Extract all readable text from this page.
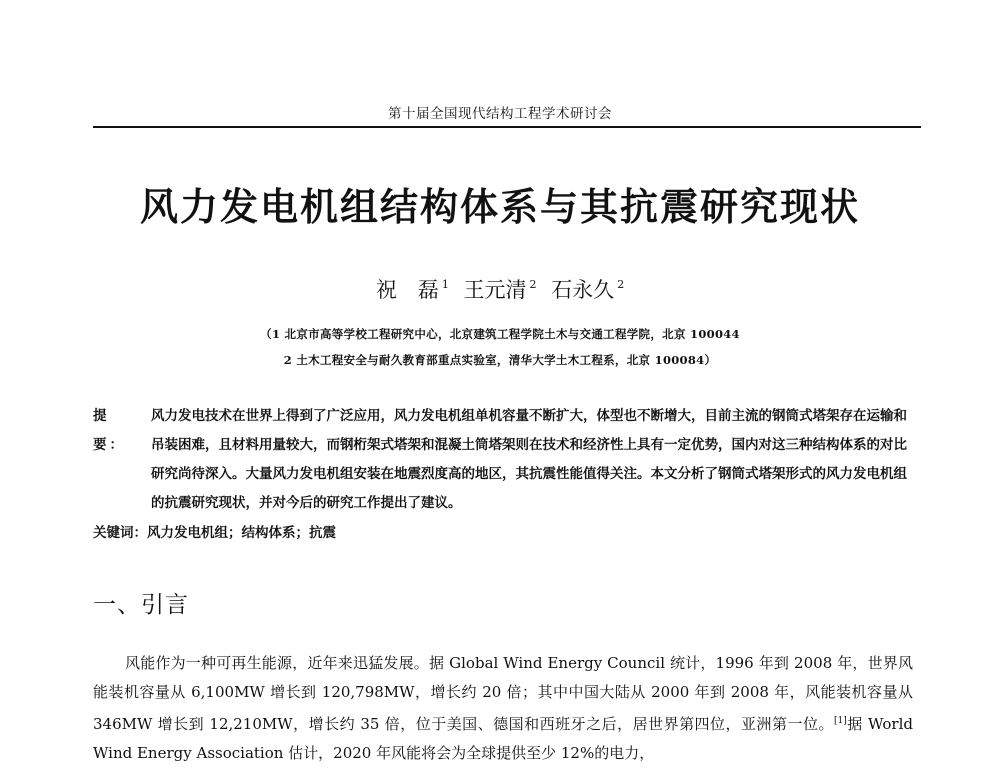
第十届全国现代结构工程学术研讨会
风力发电机组结构体系与其抗震研究现状

祝　磊 $^1$ 王元清 $^2$ 石永久 $^2$

（1 北京市高等学校工程研究中心，北京建筑工程学院土木与交通工程学院，北京 100044
2 土木工程安全与耐久教育部重点实验室，清华大学土木工程系，北京 100084）
提　要：
风力发电技术在世界上得到了广泛应用，风力发电机组单机容量不断扩大，体型也不断增大，目前主流的钢筒式塔架存在运输和吊装困难，且材料用量较大，而钢桁架式塔架和混凝土筒塔架则在技术和经济性上具有一定优势，国内对这三种结构体系的对比研究尚待深入。大量风力发电机组安装在地震烈度高的地区，其抗震性能值得关注。本文分析了钢筒式塔架形式的风力发电机组的抗震研究现状，并对今后的研究工作提出了建议。
关键词：风力发电机组；结构体系；抗震
一、引言

风能作为一种可再生能源，近年来迅猛发展。据 Global Wind Energy Council 统计，1996 年到 2008 年，世界风能装机容量从 6,100MW 增长到 120,798MW，增长约 20 倍；其中中国大陆从 2000 年到 2008 年，风能装机容量从 346MW 增长到 12,210MW，增长约 35 倍，位于美国、德国和西班牙之后，居世界第四位，亚洲第一位。[1]据 World Wind Energy Association 估计，2020 年风能将会为全球提供至少 12%的电力，
